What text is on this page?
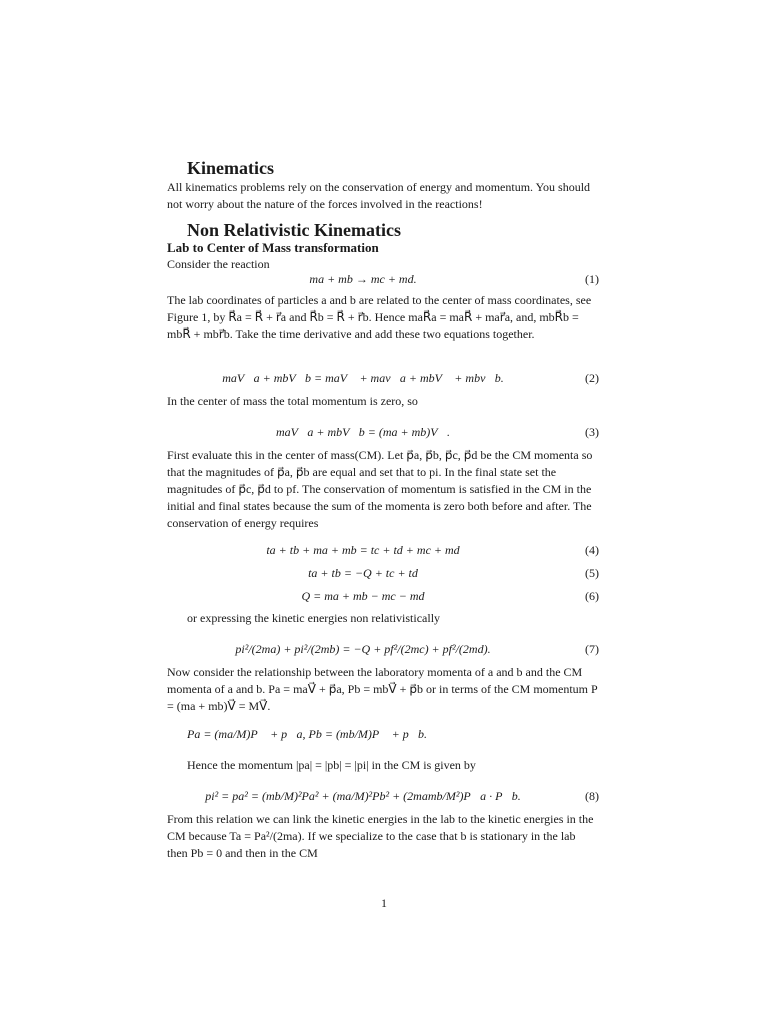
Kinematics

All kinematics problems rely on the conservation of energy and momentum. You should not worry about the nature of the forces involved in the reactions!

Non Relativistic Kinematics
Lab to Center of Mass transformation

Consider the reaction

ma + mb → mc + md.	(1)

The lab coordinates of particles a and b are related to the center of mass coordinates, see Figure 1, by R⃗a = R⃗ + r⃗a and R⃗b = R⃗ + r⃗b. Hence maR⃗a = maR⃗ + mar⃗a, and, mbR⃗b = mbR⃗ + mbr⃗b. Take the time derivative and add these two equations together.

maV⃗a + mbV⃗b = maV⃗ + mav⃗a + mbV⃗ + mbv⃗b.	(2)

In the center of mass the total momentum is zero, so

maV⃗a + mbV⃗b = (ma + mb)V⃗.	(3)

First evaluate this in the center of mass(CM). Let p⃗a, p⃗b, p⃗c, p⃗d be the CM momenta so that the magnitudes of p⃗a, p⃗b are equal and set that to pi. In the final state set the magnitudes of p⃗c, p⃗d to pf. The conservation of momentum is satisfied in the CM in the initial and final states because the sum of the momenta is zero both before and after. The conservation of energy requires

ta + tb + ma + mb = tc + td + mc + md	(4)
ta + tb = −Q + tc + td	(5)
Q = ma + mb − mc − md	(6)

or expressing the kinetic energies non relativistically

pi²/(2ma) + pi²/(2mb) = −Q + pf²/(2mc) + pf²/(2md).	(7)

Now consider the relationship between the laboratory momenta of a and b and the CM momenta of a and b. Pa = maV⃗ + p⃗a, Pb = mbV⃗ + p⃗b or in terms of the CM momentum P = (ma + mb)V⃗ = MV⃗.

Pa = (ma/M)P⃗ + p⃗a, Pb = (mb/M)P⃗ + p⃗b.

Hence the momentum |pa| = |pb| = |pi| in the CM is given by

pi² = pa² = (mb/M)²Pa² + (ma/M)²Pb² + (2mamb/M²)P⃗a · P⃗b.	(8)

From this relation we can link the kinetic energies in the lab to the kinetic energies in the CM because Ta = Pa²/(2ma). If we specialize to the case that b is stationary in the lab then Pb = 0 and then in the CM

1
